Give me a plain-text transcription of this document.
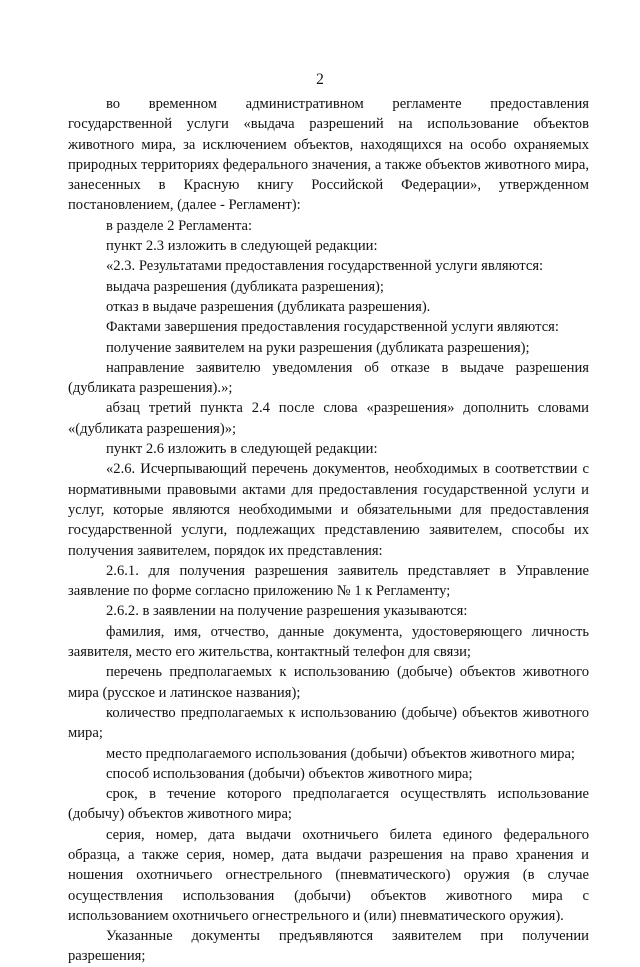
2

во временном административном регламенте предоставления государственной услуги «выдача разрешений на использование объектов животного мира, за исключением объектов, находящихся на особо охраняемых природных территориях федерального значения, а также объектов животного мира, занесенных в Красную книгу Российской Федерации», утвержденном постановлением, (далее - Регламент):

в разделе 2 Регламента:

пункт 2.3 изложить в следующей редакции:

«2.3. Результатами предоставления государственной услуги являются:

выдача разрешения (дубликата разрешения);

отказ в выдаче разрешения (дубликата разрешения).

Фактами завершения предоставления государственной услуги являются:

получение заявителем на руки разрешения (дубликата разрешения);

направление заявителю уведомления об отказе в выдаче разрешения (дубликата разрешения).»;

абзац третий пункта 2.4 после слова «разрешения» дополнить словами «(дубликата разрешения)»;

пункт 2.6 изложить в следующей редакции:

«2.6. Исчерпывающий перечень документов, необходимых в соответствии с нормативными правовыми актами для предоставления государственной услуги и услуг, которые являются необходимыми и обязательными для предоставления государственной услуги, подлежащих представлению заявителем, способы их получения заявителем, порядок их представления:

2.6.1. для получения разрешения заявитель представляет в Управление заявление по форме согласно приложению № 1 к Регламенту;

2.6.2. в заявлении на получение разрешения указываются:

фамилия, имя, отчество, данные документа, удостоверяющего личность заявителя, место его жительства, контактный телефон для связи;

перечень предполагаемых к использованию (добыче) объектов животного мира (русское и латинское названия);

количество предполагаемых к использованию (добыче) объектов животного мира;

место предполагаемого использования (добычи) объектов животного мира;

способ использования (добычи) объектов животного мира;

срок, в течение которого предполагается осуществлять использование (добычу) объектов животного мира;

серия, номер, дата выдачи охотничьего билета единого федерального образца, а также серия, номер, дата выдачи разрешения на право хранения и ношения охотничьего огнестрельного (пневматического) оружия (в случае осуществления использования (добычи) объектов животного мира с использованием охотничьего огнестрельного и (или) пневматического оружия).

Указанные документы предъявляются заявителем при получении разрешения;
